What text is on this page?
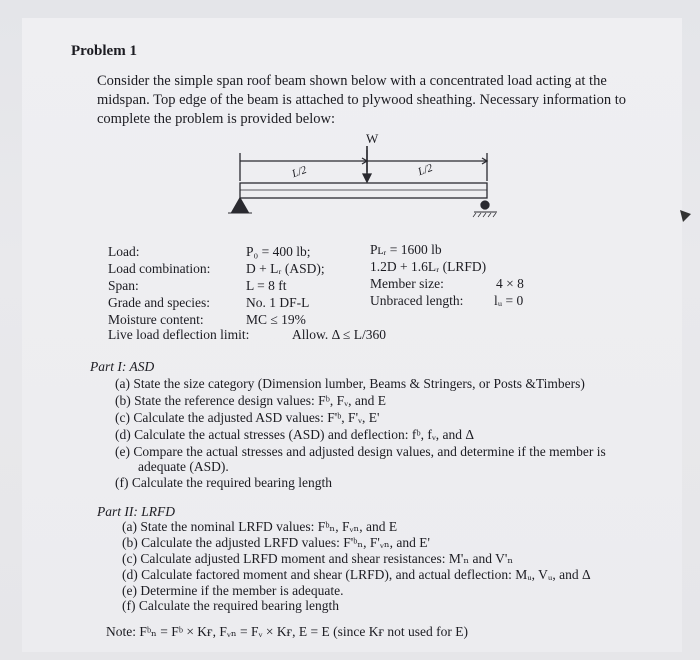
Problem 1
Consider the simple span roof beam shown below with a concentrated load acting at the midspan. Top edge of the beam is attached to plywood sheathing. Necessary information to complete the problem is provided below:
W
L/2	L/2
Load:	P₀ = 400 lb;	Pʟᵣ = 1600 lb
Load combination:	D + Lᵣ (ASD);	1.2D + 1.6Lᵣ (LRFD)
Span:	L = 8 ft	Member size:	4 × 8
Grade and species:	No. 1 DF-L	Unbraced length: lᵤ = 0
Moisture content:	MC ≤ 19%
Live load deflection limit:	Allow. Δ ≤ L/360
Part I: ASD
(a) State the size category (Dimension lumber, Beams & Stringers, or Posts &Timbers)
(b) State the reference design values: Fᵇ, Fᵥ, and E
(c) Calculate the adjusted ASD values: F'ᵇ, F'ᵥ, E'
(d) Calculate the actual stresses (ASD) and deflection: fᵇ, fᵥ, and Δ
(e) Compare the actual stresses and adjusted design values, and determine if the member is
adequate (ASD).
(f) Calculate the required bearing length
Part II: LRFD
(a) State the nominal LRFD values: Fᵇₙ, Fᵥₙ, and E
(b) Calculate the adjusted LRFD values: F'ᵇₙ, F'ᵥₙ, and E'
(c) Calculate adjusted LRFD moment and shear resistances: M'ₙ and V'ₙ
(d) Calculate factored moment and shear (LRFD), and actual deflection: Mᵤ, Vᵤ, and Δ
(e) Determine if the member is adequate.
(f) Calculate the required bearing length
Note: Fᵇₙ = Fᵇ × Kғ, Fᵥₙ = Fᵥ × Kғ, E = E (since Kғ not used for E)
